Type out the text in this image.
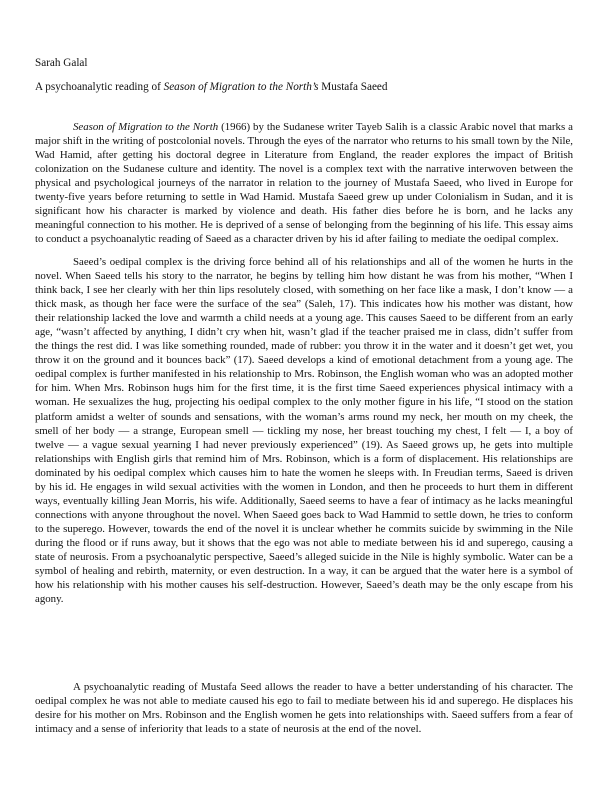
Sarah Galal
A psychoanalytic reading of Season of Migration to the North’s Mustafa Saeed

Season of Migration to the North (1966) by the Sudanese writer Tayeb Salih is a classic Arabic novel that marks a major shift in the writing of postcolonial novels. Through the eyes of the narrator who returns to his small town by the Nile, Wad Hamid, after getting his doctoral degree in Literature from England, the reader explores the impact of British colonization on the Sudanese culture and identity. The novel is a complex text with the narrative interwoven between the physical and psychological journeys of the narrator in relation to the journey of Mustafa Saeed, who lived in Europe for twenty-five years before returning to settle in Wad Hamid. Mustafa Saeed grew up under Colonialism in Sudan, and it is significant how his character is marked by violence and death. His father dies before he is born, and he lacks any meaningful connection to his mother. He is deprived of a sense of belonging from the beginning of his life. This essay aims to conduct a psychoanalytic reading of Saeed as a character driven by his id after failing to mediate the oedipal complex.

Saeed’s oedipal complex is the driving force behind all of his relationships and all of the women he hurts in the novel. When Saeed tells his story to the narrator, he begins by telling him how distant he was from his mother, “When I think back, I see her clearly with her thin lips resolutely closed, with something on her face like a mask, I don’t know — a thick mask, as though her face were the surface of the sea” (Saleh, 17). This indicates how his mother was distant, how their relationship lacked the love and warmth a child needs at a young age. This causes Saeed to be different from an early age, “wasn’t affected by anything, I didn’t cry when hit, wasn’t glad if the teacher praised me in class, didn’t suffer from the things the rest did. I was like something rounded, made of rubber: you throw it in the water and it doesn’t get wet, you throw it on the ground and it bounces back” (17). Saeed develops a kind of emotional detachment from a young age. The oedipal complex is further manifested in his relationship to Mrs. Robinson, the English woman who was an adopted mother for him. When Mrs. Robinson hugs him for the first time, it is the first time Saeed experiences physical intimacy with a woman. He sexualizes the hug, projecting his oedipal complex to the only mother figure in his life, “I stood on the station platform amidst a welter of sounds and sensations, with the woman’s arms round my neck, her mouth on my cheek, the smell of her body — a strange, European smell — tickling my nose, her breast touching my chest, I felt — I, a boy of twelve — a vague sexual yearning I had never previously experienced” (19). As Saeed grows up, he gets into multiple relationships with English girls that remind him of Mrs. Robinson, which is a form of displacement. His relationships are dominated by his oedipal complex which causes him to hate the women he sleeps with. In Freudian terms, Saeed is driven by his id. He engages in wild sexual activities with the women in London, and then he proceeds to hurt them in different ways, eventually killing Jean Morris, his wife. Additionally, Saeed seems to have a fear of intimacy as he lacks meaningful connections with anyone throughout the novel. When Saeed goes back to Wad Hammid to settle down, he tries to conform to the superego. However, towards the end of the novel it is unclear whether he commits suicide by swimming in the Nile during the flood or if runs away, but it shows that the ego was not able to mediate between his id and superego, causing a state of neurosis. From a psychoanalytic perspective, Saeed’s alleged suicide in the Nile is highly symbolic. Water can be a symbol of healing and rebirth, maternity, or even destruction. In a way, it can be argued that the water here is a symbol of how his relationship with his mother causes his self-destruction. However, Saeed’s death may be the only escape from his agony.

A psychoanalytic reading of Mustafa Seed allows the reader to have a better understanding of his character. The oedipal complex he was not able to mediate caused his ego to fail to mediate between his id and superego. He displaces his desire for his mother on Mrs. Robinson and the English women he gets into relationships with. Saeed suffers from a fear of intimacy and a sense of inferiority that leads to a state of neurosis at the end of the novel.
